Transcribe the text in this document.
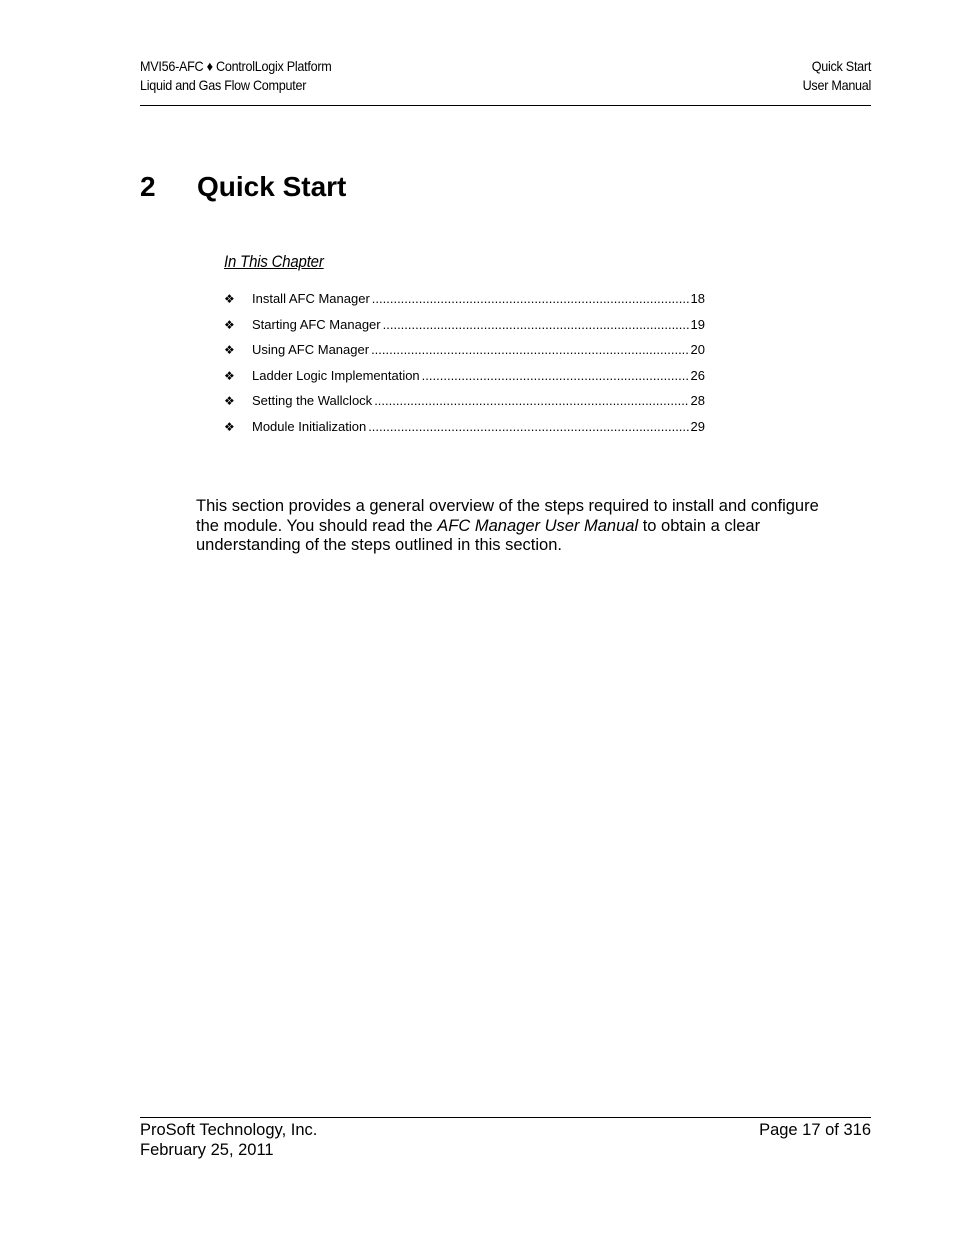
MVI56-AFC ♦ ControlLogix Platform
Liquid and Gas Flow Computer
Quick Start
User Manual
2 Quick Start
In This Chapter
❖	Install AFC Manager .....	18
❖	Starting AFC Manager .....	19
❖	Using AFC Manager .....	20
❖	Ladder Logic Implementation .....	26
❖	Setting the Wallclock .....	28
❖	Module Initialization .....	29

This section provides a general overview of the steps required to install and configure the module. You should read the AFC Manager User Manual to obtain a clear understanding of the steps outlined in this section.

ProSoft Technology, Inc.
February 25, 2011
Page 17 of 316
